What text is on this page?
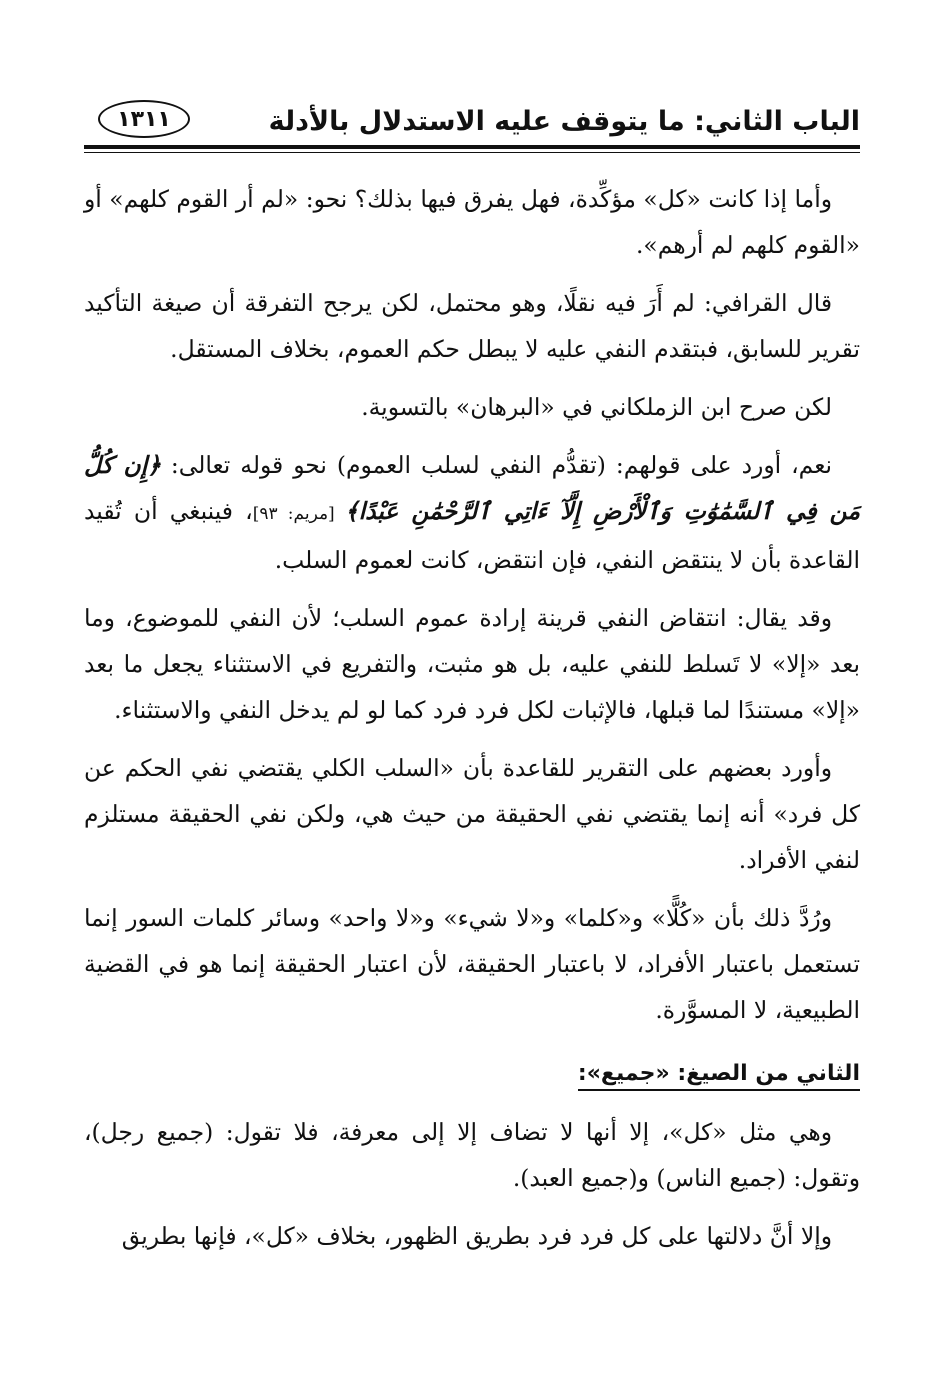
الباب الثاني: ما يتوقف عليه الاستدلال بالأدلة
١٣١١

وأما إذا كانت «كل» مؤكِّدة، فهل يفرق فيها بذلك؟ نحو: «لم أر القوم كلهم» أو «القوم كلهم لم أرهم».

قال القرافي: لم أَرَ فيه نقلًا، وهو محتمل، لكن يرجح التفرقة أن صيغة التأكيد تقرير للسابق، فبتقدم النفي عليه لا يبطل حكم العموم، بخلاف المستقل.

لكن صرح ابن الزملكاني في «البرهان» بالتسوية.

نعم، أورد على قولهم: (تقدُّم النفي لسلب العموم) نحو قوله تعالى: ﴿إِن كُلُّ مَن فِي ٱلسَّمَٰوَٰتِ وَٱلْأَرْضِ إِلَّآ ءَاتِي ٱلرَّحْمَٰنِ عَبْدًا﴾ [مريم: ٩٣]، فينبغي أن تُقيد القاعدة بأن لا ينتقض النفي، فإن انتقض، كانت لعموم السلب.

وقد يقال: انتقاض النفي قرينة إرادة عموم السلب؛ لأن النفي للموضوع، وما بعد «إلا» لا تَسلط للنفي عليه، بل هو مثبت، والتفريع في الاستثناء يجعل ما بعد «إلا» مستندًا لما قبلها، فالإثبات لكل فرد فرد كما لو لم يدخل النفي والاستثناء.

وأورد بعضهم على التقرير للقاعدة بأن «السلب الكلي يقتضي نفي الحكم عن كل فرد» أنه إنما يقتضي نفي الحقيقة من حيث هي، ولكن نفي الحقيقة مستلزم لنفي الأفراد.

ورُدَّ ذلك بأن «كُلًّا» و«كلما» و«لا شيء» و«لا واحد» وسائر كلمات السور إنما تستعمل باعتبار الأفراد، لا باعتبار الحقيقة، لأن اعتبار الحقيقة إنما هو في القضية الطبيعية، لا المسوَّرة.

الثاني من الصيغ: «جميع»:

وهي مثل «كل»، إلا أنها لا تضاف إلا إلى معرفة، فلا تقول: (جميع رجل)، وتقول: (جميع الناس) و(جميع العبد).

وإلا أنَّ دلالتها على كل فرد فرد بطريق الظهور، بخلاف «كل»، فإنها بطريق
